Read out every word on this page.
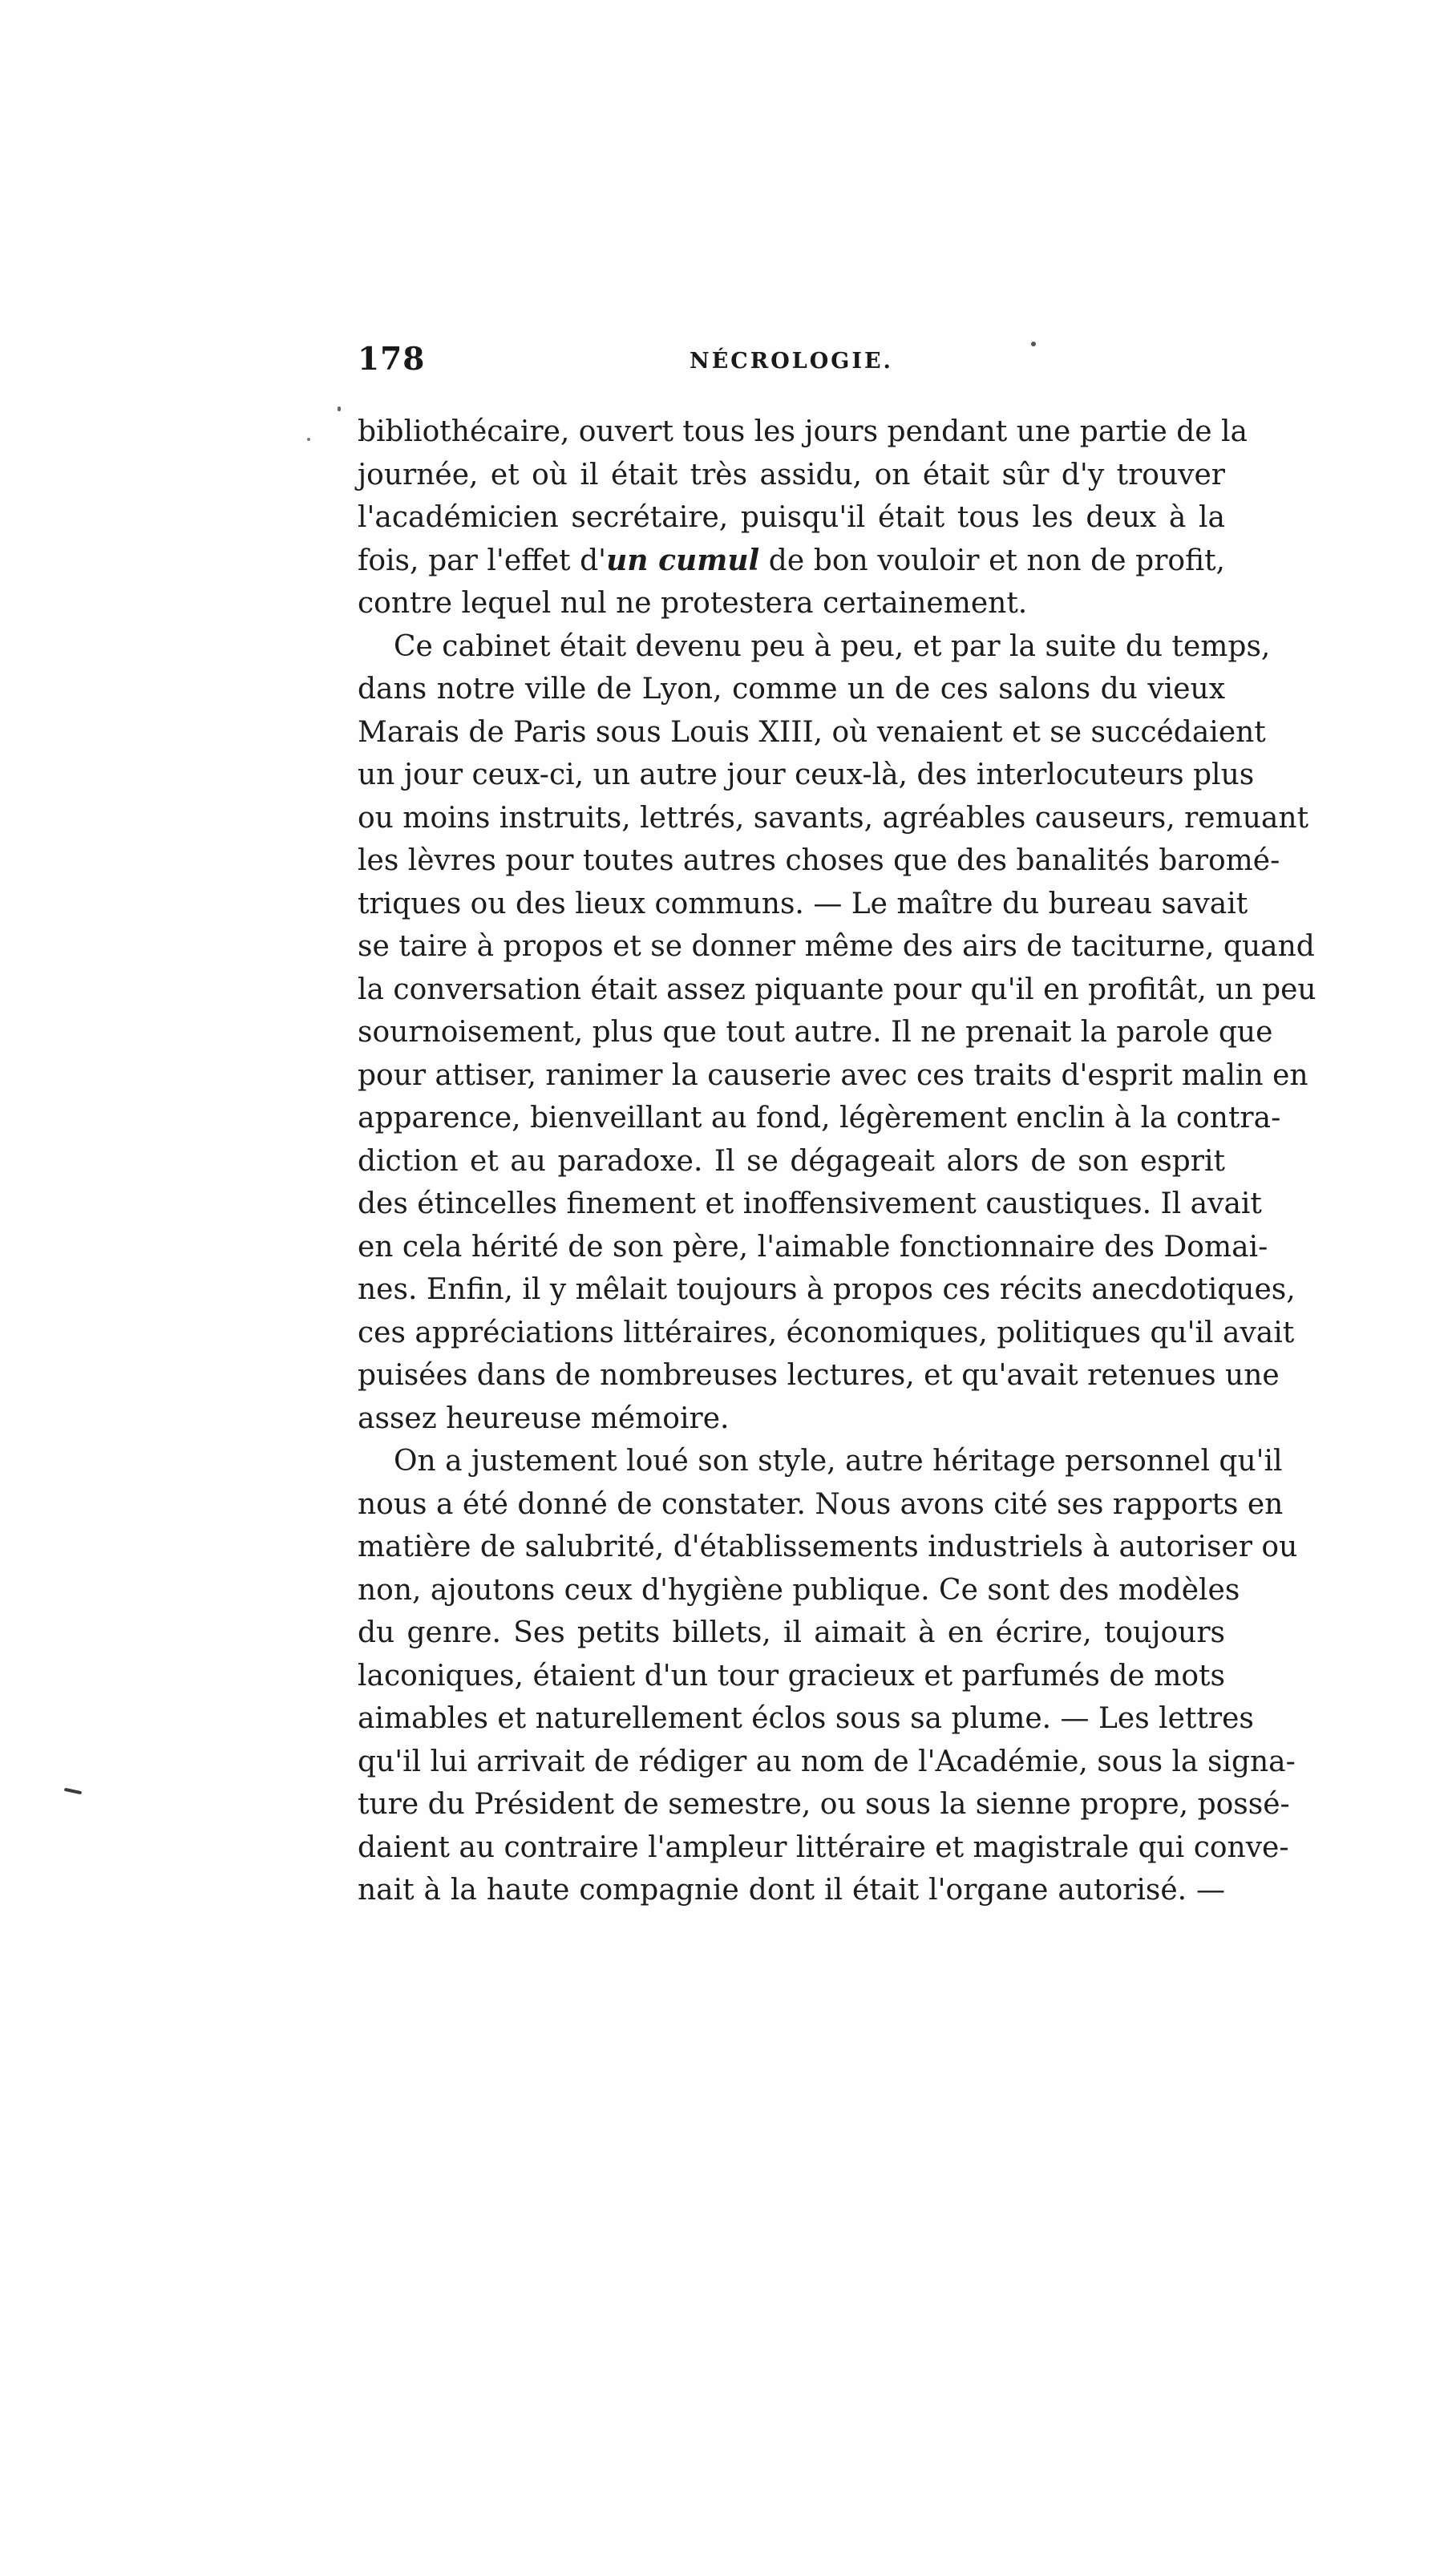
178	NÉCROLOGIE.
bibliothécaire, ouvert tous les jours pendant une partie de la
journée, et où il était très assidu, on était sûr d'y trouver
l'académicien secrétaire, puisqu'il était tous les deux à la
fois, par l'effet d'un cumul de bon vouloir et non de profit,
contre lequel nul ne protestera certainement.
Ce cabinet était devenu peu à peu, et par la suite du temps,
dans notre ville de Lyon, comme un de ces salons du vieux
Marais de Paris sous Louis XIII, où venaient et se succédaient
un jour ceux-ci, un autre jour ceux-là, des interlocuteurs plus
ou moins instruits, lettrés, savants, agréables causeurs, remuant
les lèvres pour toutes autres choses que des banalités baromé-
triques ou des lieux communs. — Le maître du bureau savait
se taire à propos et se donner même des airs de taciturne, quand
la conversation était assez piquante pour qu'il en profitât, un peu
sournoisement, plus que tout autre. Il ne prenait la parole que
pour attiser, ranimer la causerie avec ces traits d'esprit malin en
apparence, bienveillant au fond, légèrement enclin à la contra-
diction et au paradoxe. Il se dégageait alors de son esprit
des étincelles finement et inoffensivement caustiques. Il avait
en cela hérité de son père, l'aimable fonctionnaire des Domai-
nes. Enfin, il y mêlait toujours à propos ces récits anecdotiques,
ces appréciations littéraires, économiques, politiques qu'il avait
puisées dans de nombreuses lectures, et qu'avait retenues une
assez heureuse mémoire.
On a justement loué son style, autre héritage personnel qu'il
nous a été donné de constater. Nous avons cité ses rapports en
matière de salubrité, d'établissements industriels à autoriser ou
non, ajoutons ceux d'hygiène publique. Ce sont des modèles
du genre. Ses petits billets, il aimait à en écrire, toujours
laconiques, étaient d'un tour gracieux et parfumés de mots
aimables et naturellement éclos sous sa plume. — Les lettres
qu'il lui arrivait de rédiger au nom de l'Académie, sous la signa-
ture du Président de semestre, ou sous la sienne propre, possé-
daient au contraire l'ampleur littéraire et magistrale qui conve-
nait à la haute compagnie dont il était l'organe autorisé. —
